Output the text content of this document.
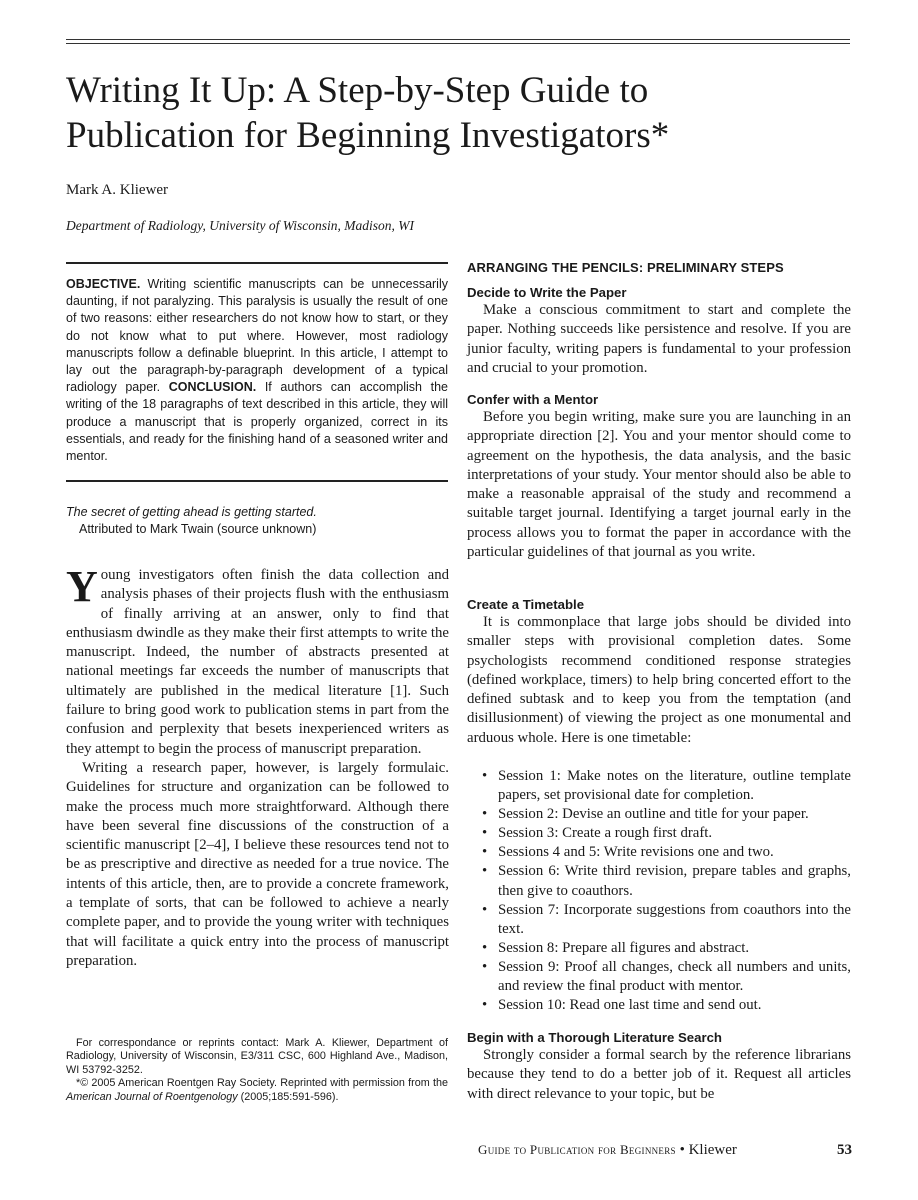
Writing It Up: A Step-by-Step Guide to Publication for Beginning Investigators*
Mark A. Kliewer
Department of Radiology, University of Wisconsin, Madison, WI

OBJECTIVE. Writing scientific manuscripts can be unnecessarily daunting, if not paralyzing. This paralysis is usually the result of one of two reasons: either researchers do not know how to start, or they do not know what to put where. However, most radiology manuscripts follow a definable blueprint. In this article, I attempt to lay out the paragraph-by-paragraph development of a typical radiology paper. CONCLUSION. If authors can accomplish the writing of the 18 paragraphs of text described in this article, they will produce a manuscript that is properly organized, correct in its essentials, and ready for the finishing hand of a seasoned writer and mentor.

The secret of getting ahead is getting started.
Attributed to Mark Twain (source unknown)

Young investigators often finish the data collection and analysis phases of their projects flush with the enthusiasm of finally arriving at an answer, only to find that enthusiasm dwindle as they make their first attempts to write the manuscript. Indeed, the number of abstracts presented at national meetings far exceeds the number of manuscripts that ultimately are published in the medical literature [1]. Such failure to bring good work to publication stems in part from the confusion and perplexity that besets inexperienced writers as they attempt to begin the process of manuscript preparation.

Writing a research paper, however, is largely formulaic. Guidelines for structure and organization can be followed to make the process much more straightforward. Although there have been several fine discussions of the construction of a scientific manuscript [2–4], I believe these resources tend not to be as prescriptive and directive as needed for a true novice. The intents of this article, then, are to provide a concrete framework, a template of sorts, that can be followed to achieve a nearly complete paper, and to provide the young writer with techniques that will facilitate a quick entry into the process of manuscript preparation.

For correspondance or reprints contact: Mark A. Kliewer, Department of Radiology, University of Wisconsin, E3/311 CSC, 600 Highland Ave., Madison, WI 53792-3252.

*© 2005 American Roentgen Ray Society. Reprinted with permission from the American Journal of Roentgenology (2005;185:591-596).

ARRANGING THE PENCILS: PRELIMINARY STEPS

Decide to Write the Paper

Make a conscious commitment to start and complete the paper. Nothing succeeds like persistence and resolve. If you are junior faculty, writing papers is fundamental to your profession and crucial to your promotion.

Confer with a Mentor

Before you begin writing, make sure you are launching in an appropriate direction [2]. You and your mentor should come to agreement on the hypothesis, the data analysis, and the basic interpretations of your study. Your mentor should also be able to make a reasonable appraisal of the study and recommend a suitable target journal. Identifying a target journal early in the process allows you to format the paper in accordance with the particular guidelines of that journal as you write.

Create a Timetable

It is commonplace that large jobs should be divided into smaller steps with provisional completion dates. Some psychologists recommend conditioned response strategies (defined workplace, timers) to help bring concerted effort to the defined subtask and to keep you from the temptation (and disillusionment) of viewing the project as one monumental and arduous whole. Here is one timetable:

• Session 1: Make notes on the literature, outline template papers, set provisional date for completion.
• Session 2: Devise an outline and title for your paper.
• Session 3: Create a rough first draft.
• Sessions 4 and 5: Write revisions one and two.
• Session 6: Write third revision, prepare tables and graphs, then give to coauthors.
• Session 7: Incorporate suggestions from coauthors into the text.
• Session 8: Prepare all figures and abstract.
• Session 9: Proof all changes, check all numbers and units, and review the final product with mentor.
• Session 10: Read one last time and send out.

Begin with a Thorough Literature Search

Strongly consider a formal search by the reference librarians because they tend to do a better job of it. Request all articles with direct relevance to your topic, but be

Guide to Publication for Beginners • Kliewer	53
